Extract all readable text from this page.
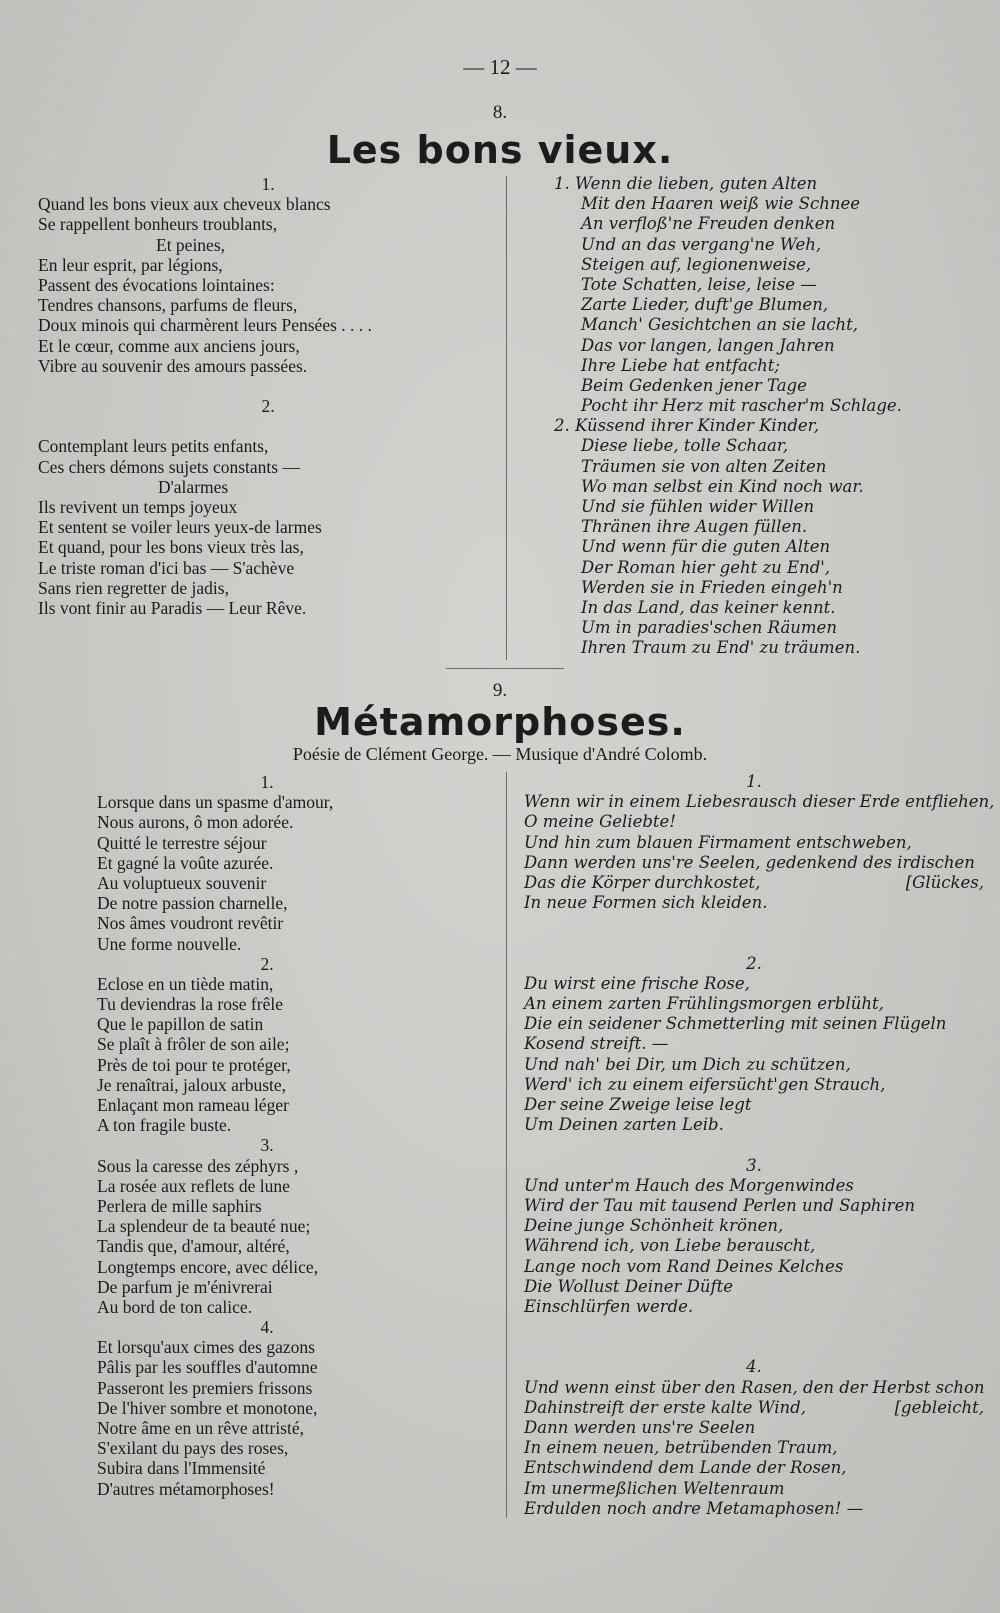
— 12 —
8.
Les bons vieux.
1.
Quand les bons vieux aux cheveux blancs
Se rappellent bonheurs troublants,
Et peines,
En leur esprit, par légions,
Passent des évocations lointaines:
Tendres chansons, parfums de fleurs,
Doux minois qui charmèrent leurs Pensées . . . .
Et le cœur, comme aux anciens jours,
Vibre au souvenir des amours passées.
2.
Contemplant leurs petits enfants,
Ces chers démons sujets constants —
D'alarmes
Ils revivent un temps joyeux
Et sentent se voiler leurs yeux-de larmes
Et quand, pour les bons vieux très las,
Le triste roman d'ici bas — S'achève
Sans rien regretter de jadis,
Ils vont finir au Paradis — Leur Rêve.
1. Wenn die lieben, guten Alten
Mit den Haaren weiß wie Schnee
An verfloß'ne Freuden denken
Und an das vergang'ne Weh,
Steigen auf, legionenweise,
Tote Schatten, leise, leise —
Zarte Lieder, duft'ge Blumen,
Manch' Gesichtchen an sie lacht,
Das vor langen, langen Jahren
Ihre Liebe hat entfacht;
Beim Gedenken jener Tage
Pocht ihr Herz mit rascher'm Schlage.
2. Küssend ihrer Kinder Kinder,
Diese liebe, tolle Schaar,
Träumen sie von alten Zeiten
Wo man selbst ein Kind noch war.
Und sie fühlen wider Willen
Thränen ihre Augen füllen.
Und wenn für die guten Alten
Der Roman hier geht zu End',
Werden sie in Frieden eingeh'n
In das Land, das keiner kennt.
Um in paradies'schen Räumen
Ihren Traum zu End' zu träumen.
9.
Métamorphoses.
Poésie de Clément George. — Musique d'André Colomb.
1.
Lorsque dans un spasme d'amour,
Nous aurons, ô mon adorée.
Quitté le terrestre séjour
Et gagné la voûte azurée.
Au voluptueux souvenir
De notre passion charnelle,
Nos âmes voudront revêtir
Une forme nouvelle.
2.
Eclose en un tiède matin,
Tu deviendras la rose frêle
Que le papillon de satin
Se plaît à frôler de son aile;
Près de toi pour te protéger,
Je renaîtrai, jaloux arbuste,
Enlaçant mon rameau léger
A ton fragile buste.
3.
Sous la caresse des zéphyrs ,
La rosée aux reflets de lune
Perlera de mille saphirs
La splendeur de ta beauté nue;
Tandis que, d'amour, altéré,
Longtemps encore, avec délice,
De parfum je m'énivrerai
Au bord de ton calice.
4.
Et lorsqu'aux cimes des gazons
Pâlis par les souffles d'automne
Passeront les premiers frissons
De l'hiver sombre et monotone,
Notre âme en un rêve attristé,
S'exilant du pays des roses,
Subira dans l'Immensité
D'autres métamorphoses!
1.
Wenn wir in einem Liebesrausch dieser Erde entfliehen,
O meine Geliebte!
Und hin zum blauen Firmament entschweben,
Dann werden uns're Seelen, gedenkend des irdischen
Das die Körper durchkostet,	[Glückes,
In neue Formen sich kleiden.
2.
Du wirst eine frische Rose,
An einem zarten Frühlingsmorgen erblüht,
Die ein seidener Schmetterling mit seinen Flügeln
Kosend streift. —
Und nah' bei Dir, um Dich zu schützen,
Werd' ich zu einem eifersücht'gen Strauch,
Der seine Zweige leise legt
Um Deinen zarten Leib.
3.
Und unter'm Hauch des Morgenwindes
Wird der Tau mit tausend Perlen und Saphiren
Deine junge Schönheit krönen,
Während ich, von Liebe berauscht,
Lange noch vom Rand Deines Kelches
Die Wollust Deiner Düfte
Einschlürfen werde.
4.
Und wenn einst über den Rasen, den der Herbst schon
Dahinstreift der erste kalte Wind,	[gebleicht,
Dann werden uns're Seelen
In einem neuen, betrübenden Traum,
Entschwindend dem Lande der Rosen,
Im unermeßlichen Weltenraum
Erdulden noch andre Metamaphosen! —
